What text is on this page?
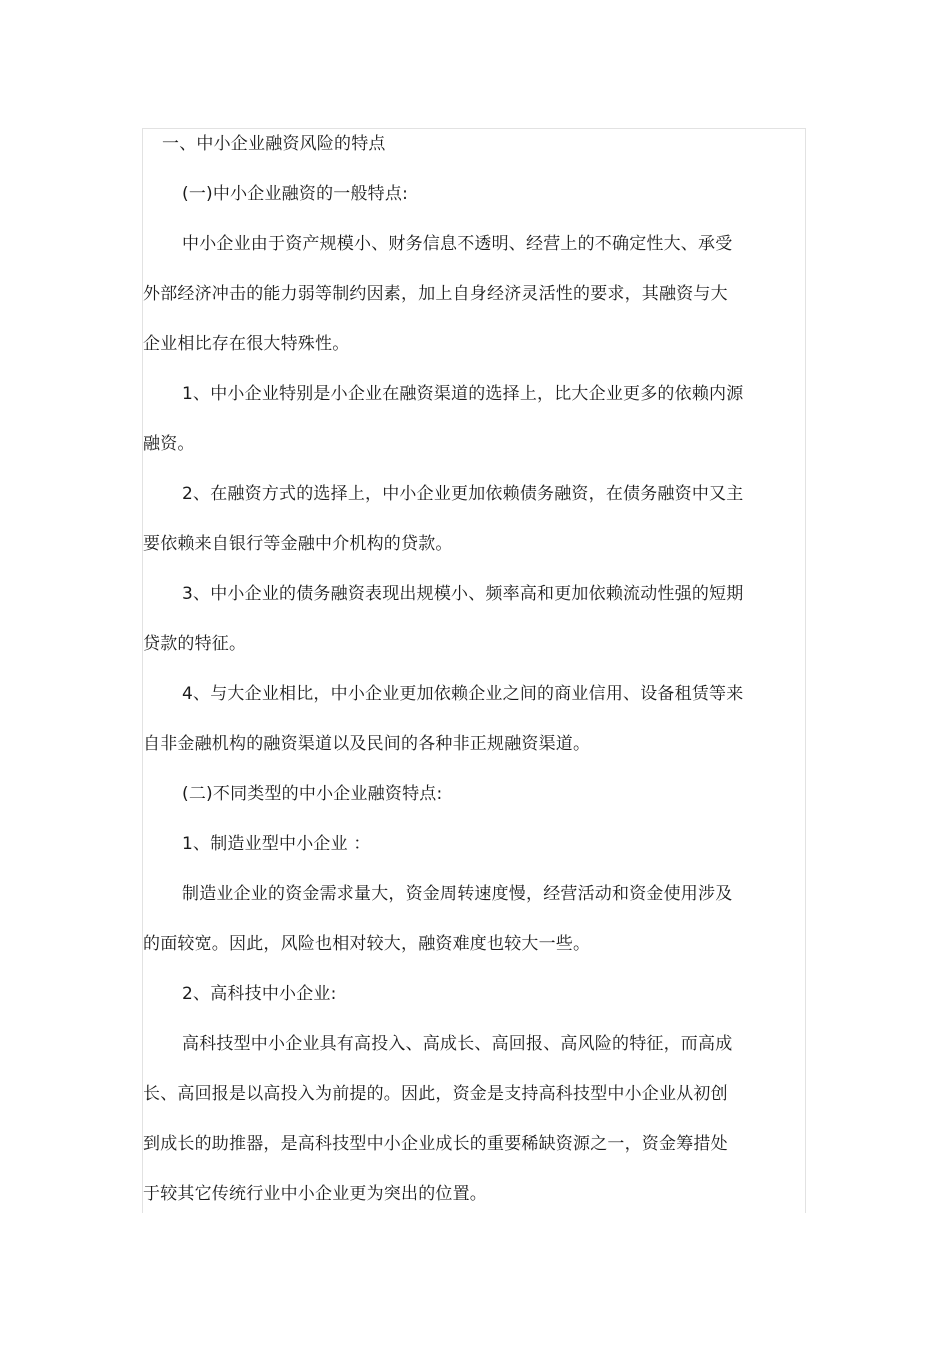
一、中小企业融资风险的特点
(一)中小企业融资的一般特点:
中小企业由于资产规模小、财务信息不透明、经营上的不确定性大、承受
外部经济冲击的能力弱等制约因素，加上自身经济灵活性的要求，其融资与大
企业相比存在很大特殊性。
1、中小企业特别是小企业在融资渠道的选择上，比大企业更多的依赖内源
融资。
2、在融资方式的选择上，中小企业更加依赖债务融资，在债务融资中又主
要依赖来自银行等金融中介机构的贷款。
3、中小企业的债务融资表现出规模小、频率高和更加依赖流动性强的短期
贷款的特征。
4、与大企业相比，中小企业更加依赖企业之间的商业信用、设备租赁等来
自非金融机构的融资渠道以及民间的各种非正规融资渠道。
(二)不同类型的中小企业融资特点:
1、制造业型中小企业 ：
制造业企业的资金需求量大，资金周转速度慢，经营活动和资金使用涉及
的面较宽。因此，风险也相对较大，融资难度也较大一些。
2、高科技中小企业:
高科技型中小企业具有高投入、高成长、高回报、高风险的特征，而高成
长、高回报是以高投入为前提的。因此，资金是支持高科技型中小企业从初创
到成长的助推器，是高科技型中小企业成长的重要稀缺资源之一，资金筹措处
于较其它传统行业中小企业更为突出的位置。
